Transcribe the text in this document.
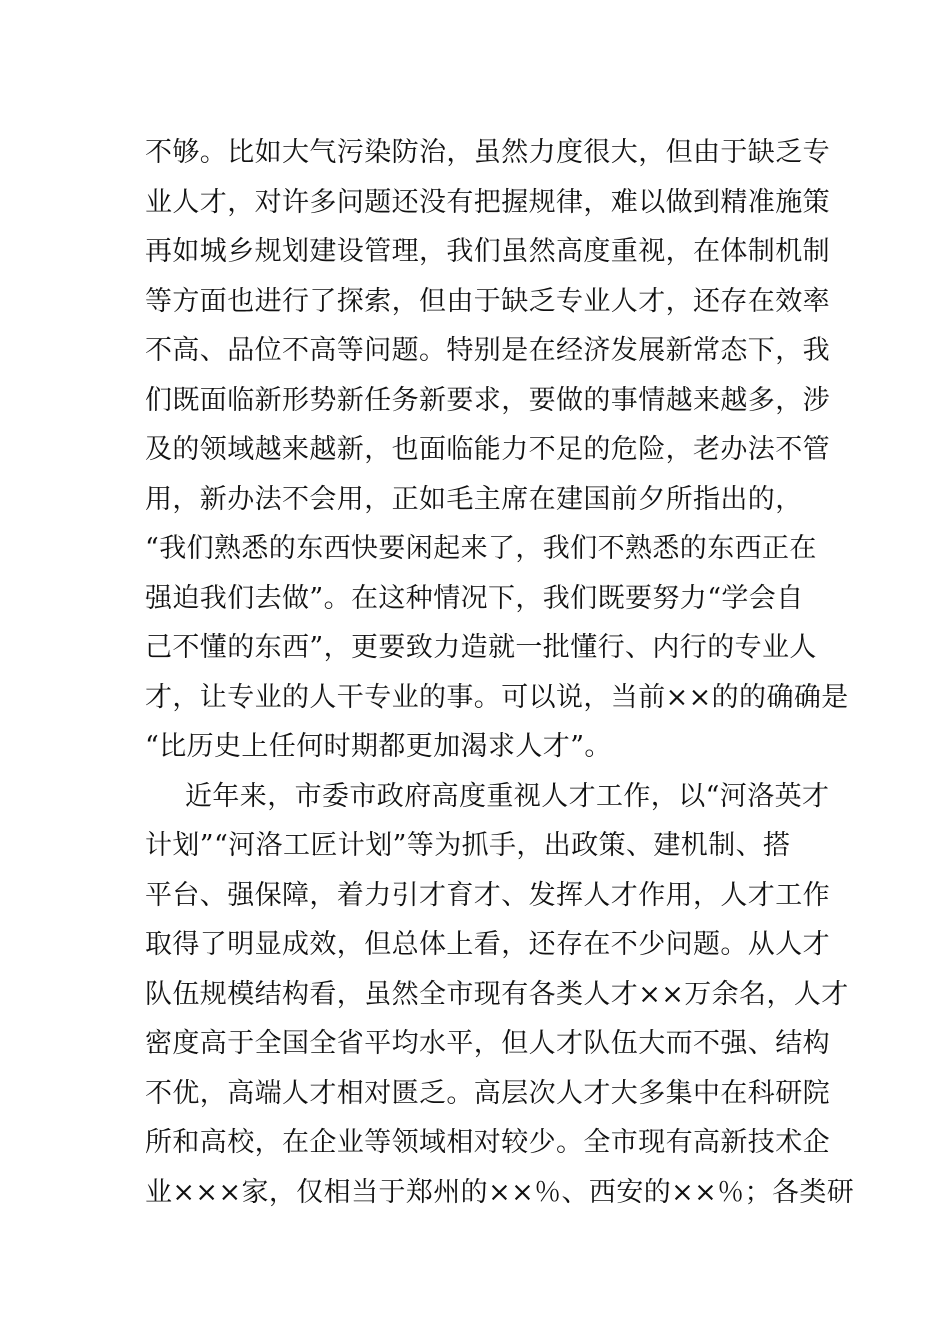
不够。比如大气污染防治，虽然力度很大，但由于缺乏专
业人才，对许多问题还没有把握规律，难以做到精准施策
再如城乡规划建设管理，我们虽然高度重视，在体制机制
等方面也进行了探索，但由于缺乏专业人才，还存在效率
不高、品位不高等问题。特别是在经济发展新常态下，我
们既面临新形势新任务新要求，要做的事情越来越多，涉
及的领域越来越新，也面临能力不足的危险，老办法不管
用，新办法不会用，正如毛主席在建国前夕所指出的，
“我们熟悉的东西快要闲起来了，我们不熟悉的东西正在
强迫我们去做”。在这种情况下，我们既要努力“学会自
己不懂的东西”，更要致力造就一批懂行、内行的专业人
才，让专业的人干专业的事。可以说，当前××的的确确是
“比历史上任何时期都更加渴求人才”。
近年来，市委市政府高度重视人才工作，以“河洛英才
计划”“河洛工匠计划”等为抓手，出政策、建机制、搭
平台、强保障，着力引才育才、发挥人才作用，人才工作
取得了明显成效，但总体上看，还存在不少问题。从人才
队伍规模结构看，虽然全市现有各类人才××万余名，人才
密度高于全国全省平均水平，但人才队伍大而不强、结构
不优，高端人才相对匮乏。高层次人才大多集中在科研院
所和高校，在企业等领域相对较少。全市现有高新技术企
业×××家，仅相当于郑州的××％、西安的××％；各类研
